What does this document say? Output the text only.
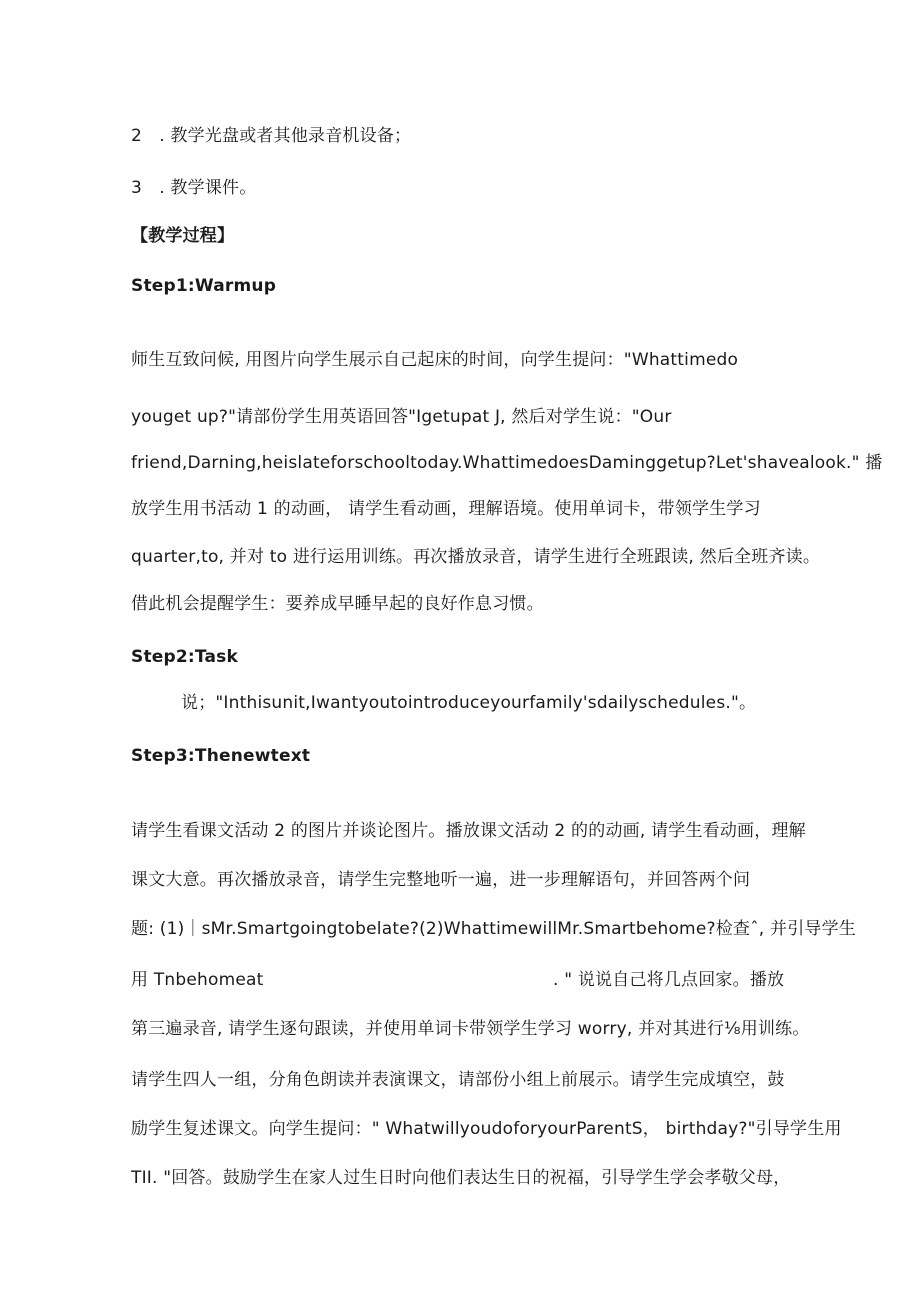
2　. 教学光盘或者其他录音机设备；
3　. 教学课件。
【教学过程】
Step1:Warmup
师生互致问候, 用图片向学生展示自己起床的时间，向学生提问："Whattimedo
youget up?"请部份学生用英语回答"Igetupat J, 然后对学生说："Our
friend,Darning,heislateforschooltoday.WhattimedoesDaminggetup?Let'shavealook." 播
放学生用书活动 1 的动画， 请学生看动画，理解语境。使用单词卡，带领学生学习
quarter,to, 并对 to 进行运用训练。再次播放录音，请学生进行全班跟读, 然后全班齐读。
借此机会提醒学生：要养成早睡早起的良好作息习惯。
Step2:Task
说；"Inthisunit,Iwantyoutointroduceyourfamily'sdailyschedules."。
Step3:Thenewtext
请学生看课文活动 2 的图片并谈论图片。播放课文活动 2 的的动画, 请学生看动画，理解
课文大意。再次播放录音，请学生完整地听一遍，进一步理解语句，并回答两个问
题: (1)｜sMr.Smartgoingtobelate?(2)WhattimewillMr.Smartbehome?检查ˆ, 并引导学生
用 Tnbehomeat	. " 说说自己将几点回家。播放
第三遍录音, 请学生逐句跟读，并使用单词卡带领学生学习 worry, 并对其进行⅛用训练。
请学生四人一组，分角色朗读并表演课文，请部份小组上前展示。请学生完成填空，鼓
励学生复述课文。向学生提问：" WhatwillyoudoforyourParentS， birthday?"引导学生用
TII. "回答。鼓励学生在家人过生日时向他们表达生日的祝福，引导学生学会孝敬父母，
